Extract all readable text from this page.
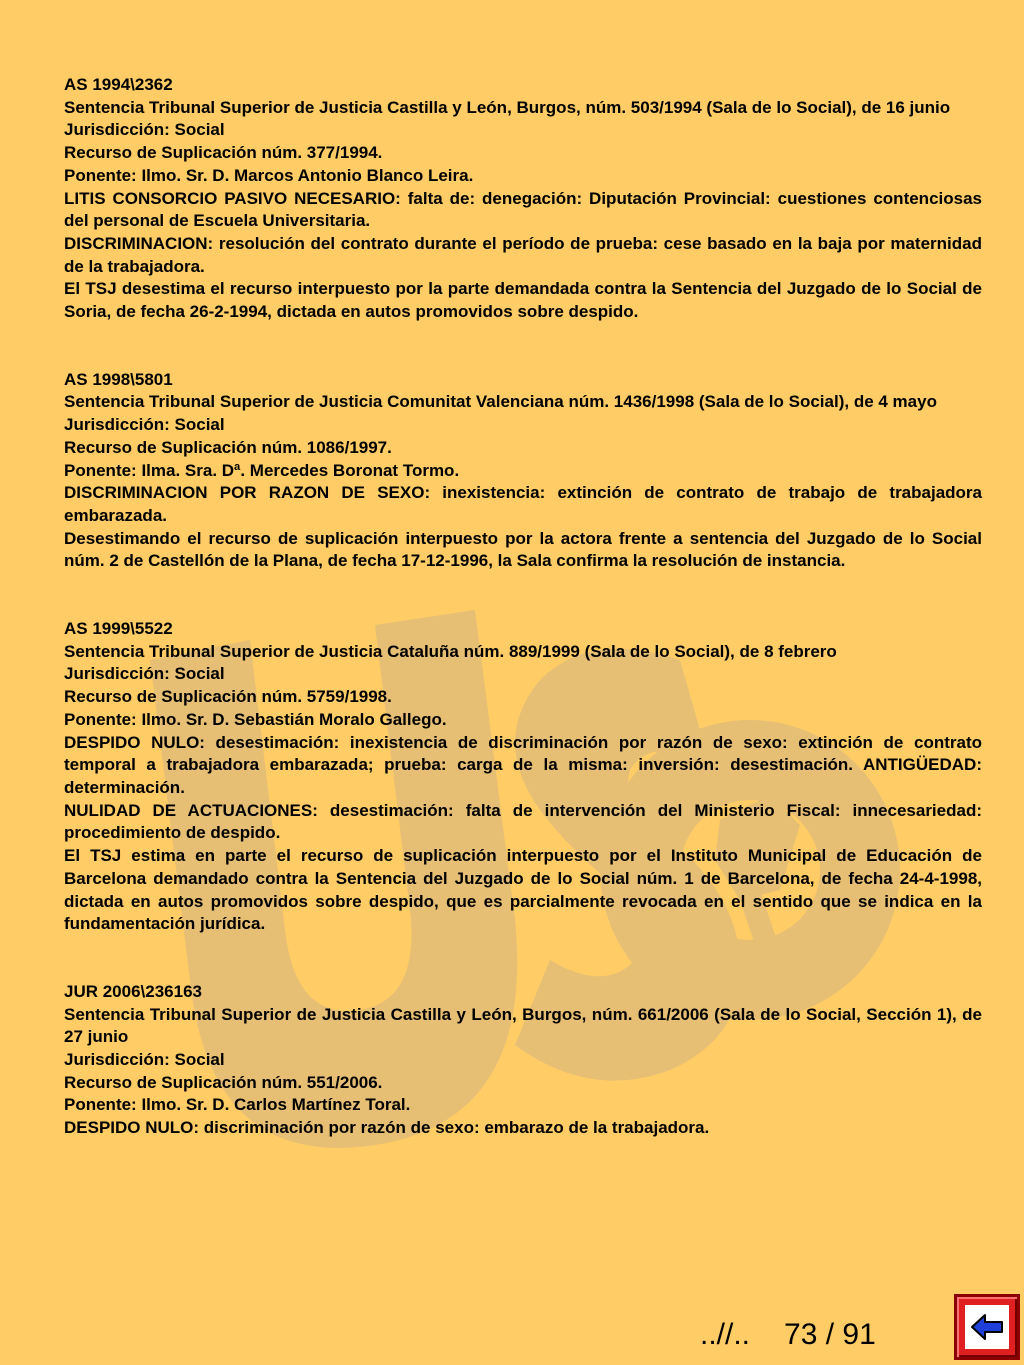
AS 1994\2362

Sentencia Tribunal Superior de Justicia Castilla y León, Burgos, núm. 503/1994 (Sala de lo Social), de 16 junio

Jurisdicción: Social

Recurso de Suplicación núm. 377/1994.

Ponente: Ilmo. Sr. D. Marcos Antonio Blanco Leira.

LITIS CONSORCIO PASIVO NECESARIO: falta de: denegación: Diputación Provincial: cuestiones contenciosas del personal de Escuela Universitaria.

DISCRIMINACION: resolución del contrato durante el período de prueba: cese basado en la baja por maternidad de la trabajadora.

El TSJ desestima el recurso interpuesto por la parte demandada contra la Sentencia del Juzgado de lo Social de Soria, de fecha 26-2-1994, dictada en autos promovidos sobre despido.

AS 1998\5801

Sentencia Tribunal Superior de Justicia Comunitat Valenciana núm. 1436/1998 (Sala de lo Social), de 4 mayo

Jurisdicción: Social

Recurso de Suplicación núm. 1086/1997.

Ponente: Ilma. Sra. Dª. Mercedes Boronat Tormo.

DISCRIMINACION POR RAZON DE SEXO: inexistencia: extinción de contrato de trabajo de trabajadora embarazada.

Desestimando el recurso de suplicación interpuesto por la actora frente a sentencia del Juzgado de lo Social núm. 2 de Castellón de la Plana, de fecha 17-12-1996, la Sala confirma la resolución de instancia.

AS 1999\5522

Sentencia Tribunal Superior de Justicia Cataluña núm. 889/1999 (Sala de lo Social), de 8 febrero

Jurisdicción: Social

Recurso de Suplicación núm. 5759/1998.

Ponente: Ilmo. Sr. D. Sebastián Moralo Gallego.

DESPIDO NULO: desestimación: inexistencia de discriminación por razón de sexo: extinción de contrato temporal a trabajadora embarazada; prueba: carga de la misma: inversión: desestimación. ANTIGÜEDAD: determinación.

NULIDAD DE ACTUACIONES: desestimación: falta de intervención del Ministerio Fiscal: innecesariedad: procedimiento de despido.

El TSJ estima en parte el recurso de suplicación interpuesto por el Instituto Municipal de Educación de Barcelona demandado contra la Sentencia del Juzgado de lo Social núm. 1 de Barcelona, de fecha 24-4-1998, dictada en autos promovidos sobre despido, que es parcialmente revocada en el sentido que se indica en la fundamentación jurídica.

JUR 2006\236163

Sentencia Tribunal Superior de Justicia Castilla y León, Burgos, núm. 661/2006 (Sala de lo Social, Sección 1), de 27 junio

Jurisdicción: Social

Recurso de Suplicación núm. 551/2006.

Ponente: Ilmo. Sr. D. Carlos Martínez Toral.

DESPIDO NULO: discriminación por razón de sexo: embarazo de la trabajadora.

..//.. 73 / 91
